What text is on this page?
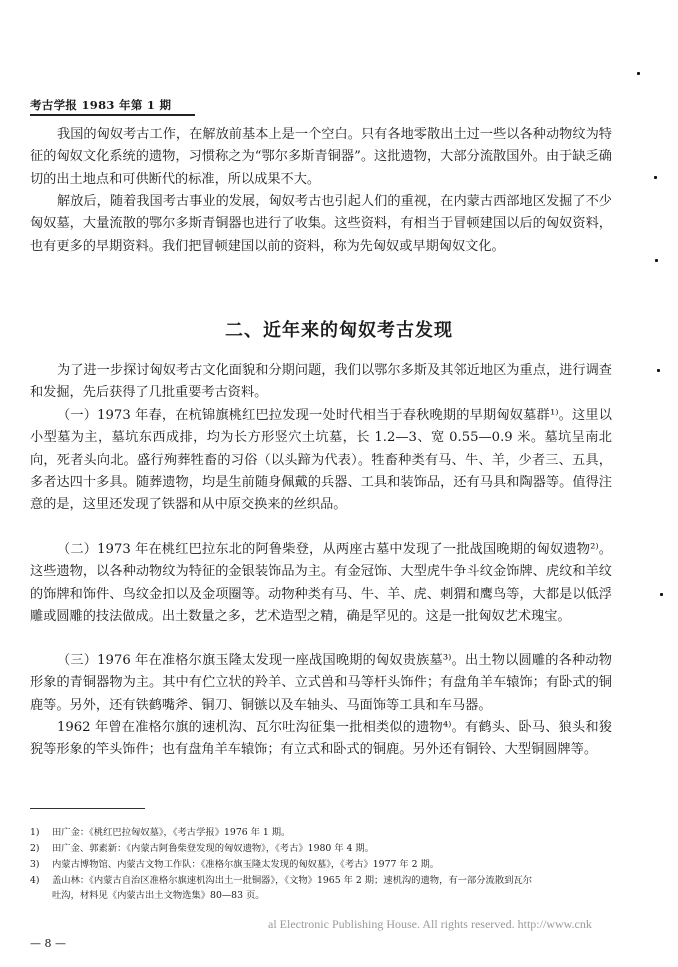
考古学报 1983 年第 1 期

我国的匈奴考古工作，在解放前基本上是一个空白。只有各地零散出土过一些以各种动物纹为特征的匈奴文化系统的遗物，习惯称之为“鄂尔多斯青铜器”。这批遗物，大部分流散国外。由于缺乏确切的出土地点和可供断代的标准，所以成果不大。

解放后，随着我国考古事业的发展，匈奴考古也引起人们的重视，在内蒙古西部地区发掘了不少匈奴墓，大量流散的鄂尔多斯青铜器也进行了收集。这些资料，有相当于冒顿建国以后的匈奴资料，也有更多的早期资料。我们把冒顿建国以前的资料，称为先匈奴或早期匈奴文化。

二、近年来的匈奴考古发现

为了进一步探讨匈奴考古文化面貌和分期问题，我们以鄂尔多斯及其邻近地区为重点，进行调查和发掘，先后获得了几批重要考古资料。

（一）1973 年春，在杭锦旗桃红巴拉发现一处时代相当于春秋晚期的早期匈奴墓群¹⁾。这里以小型墓为主，墓坑东西成排，均为长方形竖穴土坑墓，长 1.2—3、宽 0.55—0.9 米。墓坑呈南北向，死者头向北。盛行殉葬牲畜的习俗（以头蹄为代表）。牲畜种类有马、牛、羊，少者三、五具，多者达四十多具。随葬遗物，均是生前随身佩戴的兵器、工具和装饰品，还有马具和陶器等。值得注意的是，这里还发现了铁器和从中原交换来的丝织品。

（二）1973 年在桃红巴拉东北的阿鲁柴登，从两座古墓中发现了一批战国晚期的匈奴遗物²⁾。这些遗物，以各种动物纹为特征的金银装饰品为主。有金冠饰、大型虎牛争斗纹金饰牌、虎纹和羊纹的饰牌和饰件、鸟纹金扣以及金项圈等。动物种类有马、牛、羊、虎、刺猬和鹰鸟等，大都是以低浮雕或圆雕的技法做成。出土数量之多，艺术造型之精，确是罕见的。这是一批匈奴艺术瑰宝。

（三）1976 年在准格尔旗玉隆太发现一座战国晚期的匈奴贵族墓³⁾。出土物以圆雕的各种动物形象的青铜器物为主。其中有伫立状的羚羊、立式兽和马等杆头饰件；有盘角羊车辕饰；有卧式的铜鹿等。另外，还有铁鹤嘴斧、铜刀、铜镞以及车轴头、马面饰等工具和车马器。

1962 年曾在准格尔旗的速机沟、瓦尔吐沟征集一批相类似的遗物⁴⁾。有鹤头、卧马、狼头和狻猊等形象的竿头饰件；也有盘角羊车辕饰；有立式和卧式的铜鹿。另外还有铜铃、大型铜圆牌等。

1) 田广金：《桃红巴拉匈奴墓》，《考古学报》1976 年 1 期。
2) 田广金、郭素新：《内蒙古阿鲁柴登发现的匈奴遗物》，《考古》1980 年 4 期。
3) 内蒙古博物馆、内蒙古文物工作队：《准格尔旗玉隆太发现的匈奴墓》，《考古》1977 年 2 期。
4) 盖山林：《内蒙古自治区准格尔旗速机沟出土一批铜器》，《文物》1965 年 2 期；速机沟的遗物，有一部分流散到瓦尔
吐沟，材料见《内蒙古出土文物选集》80—83 页。
al Electronic Publishing House. All rights reserved. http://www.cnk
— 8 —
